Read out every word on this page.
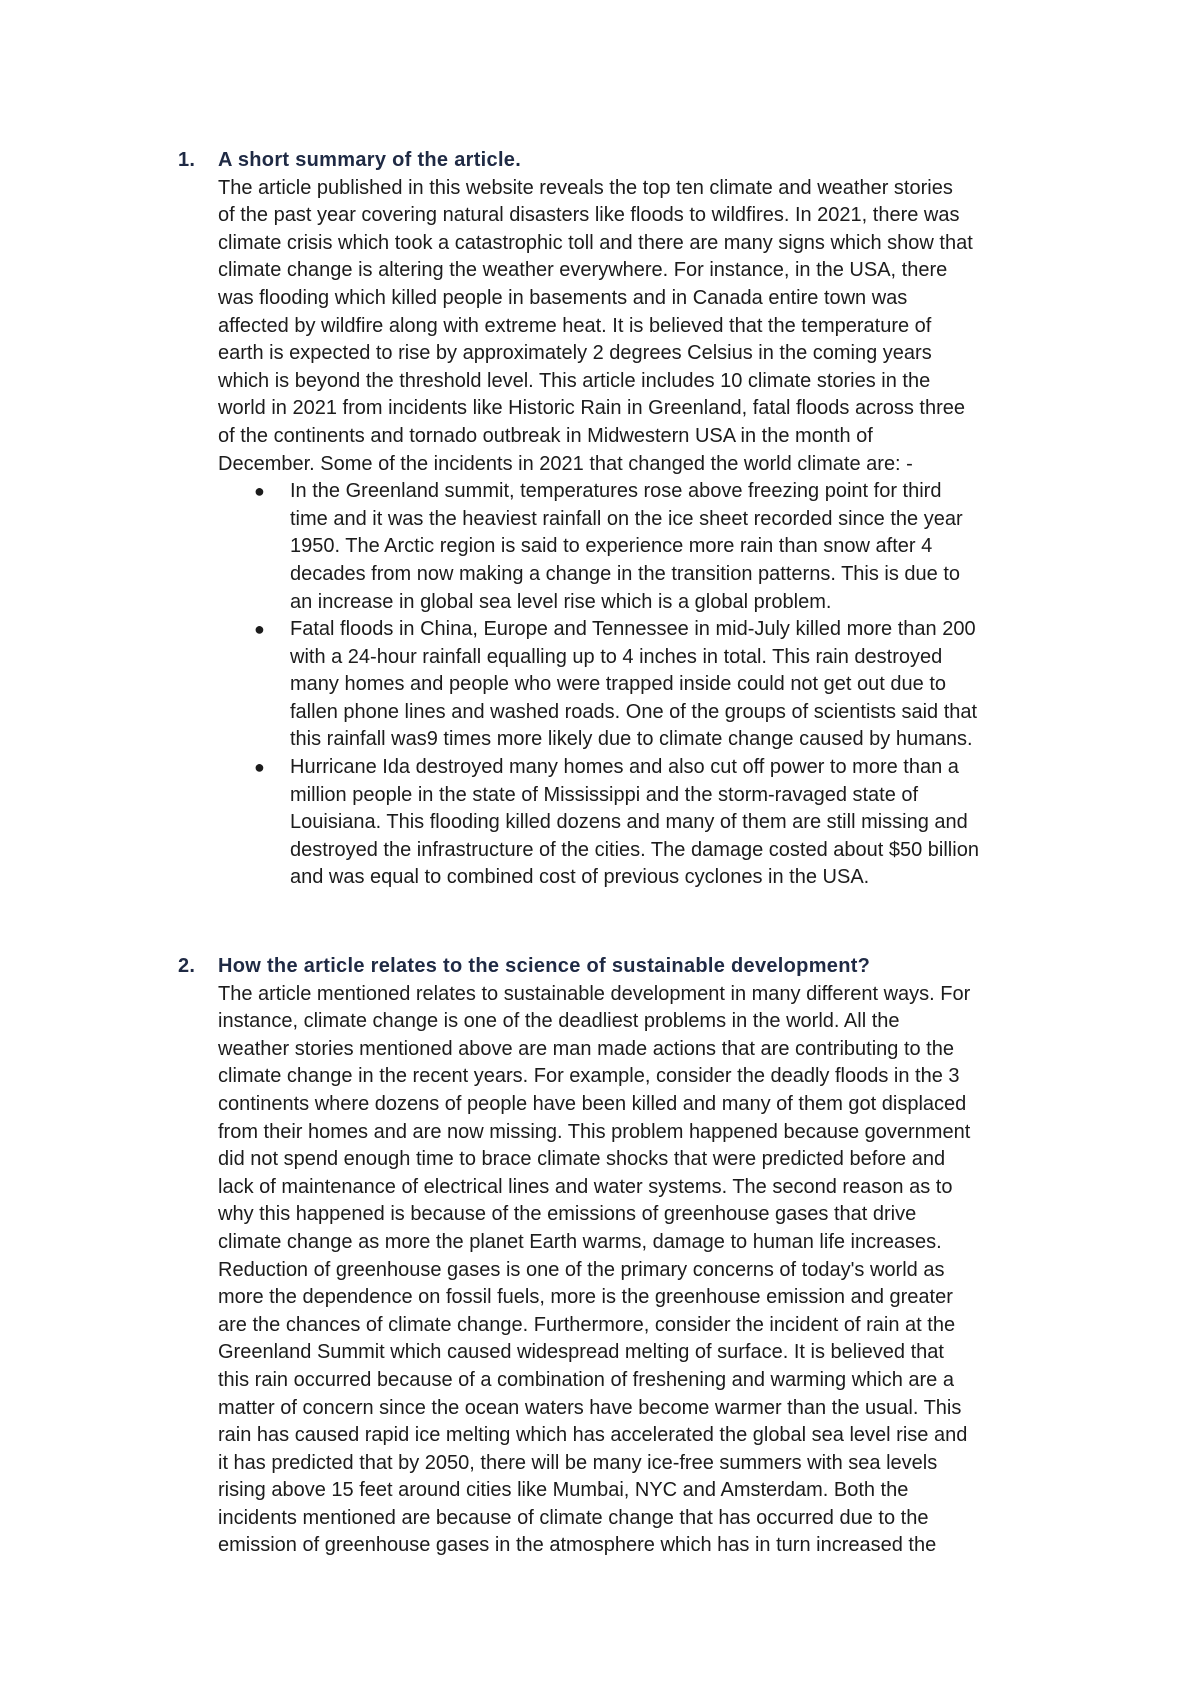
1.	A short summary of the article.
The article published in this website reveals the top ten climate and weather stories
of the past year covering natural disasters like floods to wildfires. In 2021, there was
climate crisis which took a catastrophic toll and there are many signs which show that
climate change is altering the weather everywhere. For instance, in the USA, there
was flooding which killed people in basements and in Canada entire town was
affected by wildfire along with extreme heat. It is believed that the temperature of
earth is expected to rise by approximately 2 degrees Celsius in the coming years
which is beyond the threshold level. This article includes 10 climate stories in the
world in 2021 from incidents like Historic Rain in Greenland, fatal floods across three
of the continents and tornado outbreak in Midwestern USA in the month of
December. Some of the incidents in 2021 that changed the world climate are: -
● In the Greenland summit, temperatures rose above freezing point for third
time and it was the heaviest rainfall on the ice sheet recorded since the year
1950. The Arctic region is said to experience more rain than snow after 4
decades from now making a change in the transition patterns. This is due to
an increase in global sea level rise which is a global problem.
● Fatal floods in China, Europe and Tennessee in mid-July killed more than 200
with a 24-hour rainfall equalling up to 4 inches in total. This rain destroyed
many homes and people who were trapped inside could not get out due to
fallen phone lines and washed roads. One of the groups of scientists said that
this rainfall was9 times more likely due to climate change caused by humans.
● Hurricane Ida destroyed many homes and also cut off power to more than a
million people in the state of Mississippi and the storm-ravaged state of
Louisiana. This flooding killed dozens and many of them are still missing and
destroyed the infrastructure of the cities. The damage costed about $50 billion
and was equal to combined cost of previous cyclones in the USA.
2.	How the article relates to the science of sustainable development?
The article mentioned relates to sustainable development in many different ways. For
instance, climate change is one of the deadliest problems in the world. All the
weather stories mentioned above are man made actions that are contributing to the
climate change in the recent years. For example, consider the deadly floods in the 3
continents where dozens of people have been killed and many of them got displaced
from their homes and are now missing. This problem happened because government
did not spend enough time to brace climate shocks that were predicted before and
lack of maintenance of electrical lines and water systems. The second reason as to
why this happened is because of the emissions of greenhouse gases that drive
climate change as more the planet Earth warms, damage to human life increases.
Reduction of greenhouse gases is one of the primary concerns of today's world as
more the dependence on fossil fuels, more is the greenhouse emission and greater
are the chances of climate change. Furthermore, consider the incident of rain at the
Greenland Summit which caused widespread melting of surface. It is believed that
this rain occurred because of a combination of freshening and warming which are a
matter of concern since the ocean waters have become warmer than the usual. This
rain has caused rapid ice melting which has accelerated the global sea level rise and
it has predicted that by 2050, there will be many ice-free summers with sea levels
rising above 15 feet around cities like Mumbai, NYC and Amsterdam. Both the
incidents mentioned are because of climate change that has occurred due to the
emission of greenhouse gases in the atmosphere which has in turn increased the
